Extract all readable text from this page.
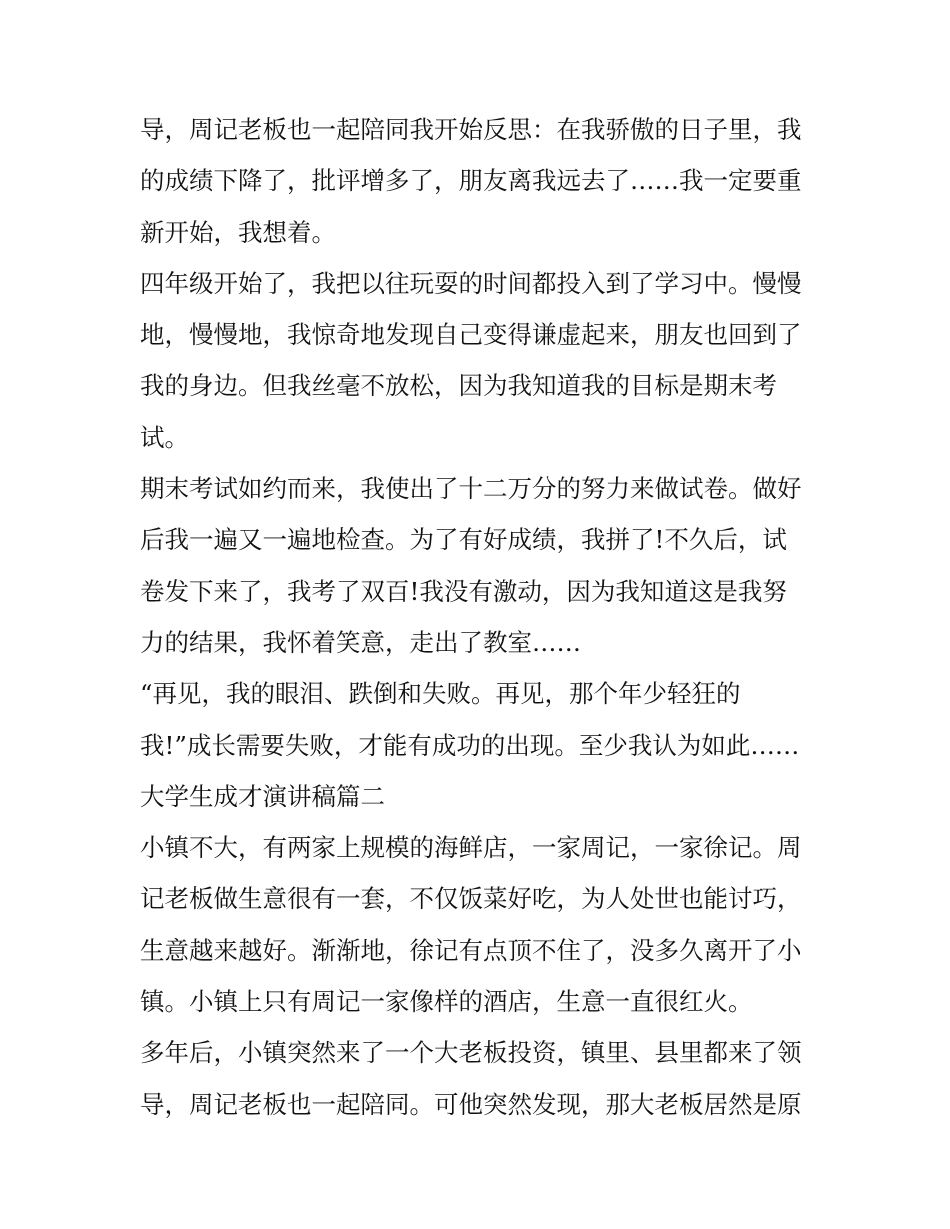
导，周记老板也一起陪同我开始反思：在我骄傲的日子里，我
的成绩下降了，批评增多了，朋友离我远去了……我一定要重
新开始，我想着。
四年级开始了，我把以往玩耍的时间都投入到了学习中。慢慢
地，慢慢地，我惊奇地发现自己变得谦虚起来，朋友也回到了
我的身边。但我丝毫不放松，因为我知道我的目标是期末考
试。
期末考试如约而来，我使出了十二万分的努力来做试卷。做好
后我一遍又一遍地检查。为了有好成绩，我拼了!不久后，试
卷发下来了，我考了双百!我没有激动，因为我知道这是我努
力的结果，我怀着笑意，走出了教室……
“再见，我的眼泪、跌倒和失败。再见，那个年少轻狂的
我!”成长需要失败，才能有成功的出现。至少我认为如此……
大学生成才演讲稿篇二
小镇不大，有两家上规模的海鲜店，一家周记，一家徐记。周
记老板做生意很有一套，不仅饭菜好吃，为人处世也能讨巧，
生意越来越好。渐渐地，徐记有点顶不住了，没多久离开了小
镇。小镇上只有周记一家像样的酒店，生意一直很红火。
多年后，小镇突然来了一个大老板投资，镇里、县里都来了领
导，周记老板也一起陪同。可他突然发现，那大老板居然是原
